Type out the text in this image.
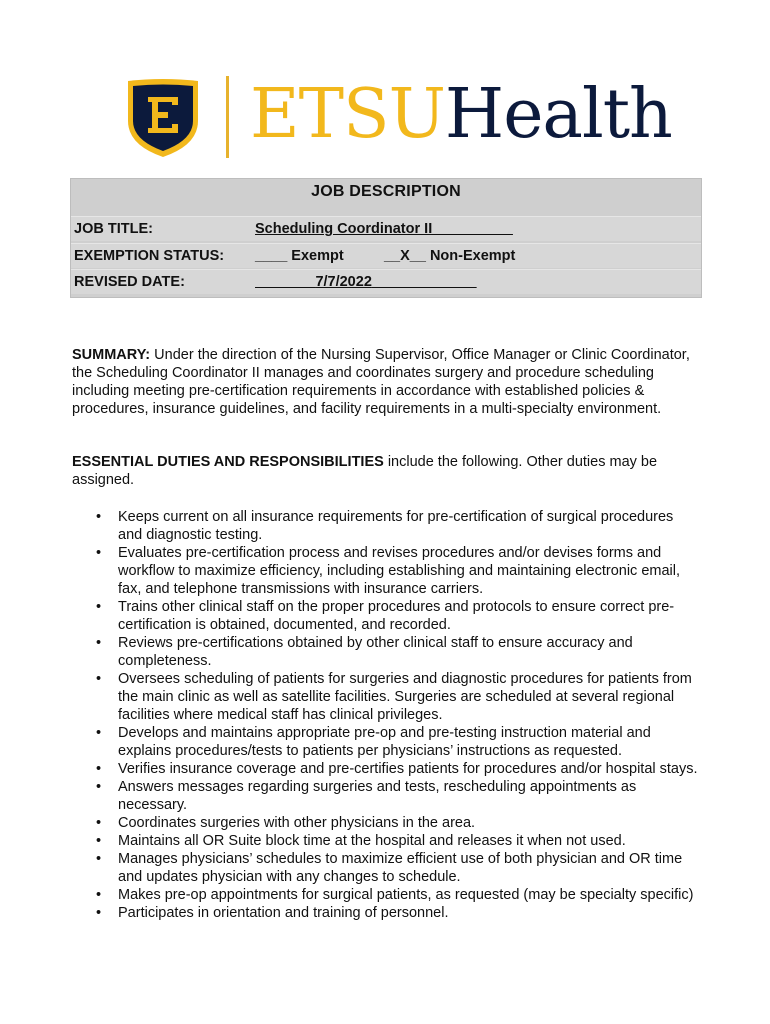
ETSUHealth
JOB DESCRIPTION
JOB TITLE:	Scheduling Coordinator II__________
EXEMPTION STATUS: ____ Exempt	__X__ Non-Exempt
REVISED DATE:	7/7/2022

SUMMARY: Under the direction of the Nursing Supervisor, Office Manager or Clinic Coordinator, the Scheduling Coordinator II manages and coordinates surgery and procedure scheduling including meeting pre-certification requirements in accordance with established policies & procedures, insurance guidelines, and facility requirements in a multi-specialty environment.

ESSENTIAL DUTIES AND RESPONSIBILITIES include the following. Other duties may be assigned.

• Keeps current on all insurance requirements for pre-certification of surgical procedures and diagnostic testing.
• Evaluates pre-certification process and revises procedures and/or devises forms and workflow to maximize efficiency, including establishing and maintaining electronic email, fax, and telephone transmissions with insurance carriers.
• Trains other clinical staff on the proper procedures and protocols to ensure correct pre-certification is obtained, documented, and recorded.
• Reviews pre-certifications obtained by other clinical staff to ensure accuracy and completeness.
• Oversees scheduling of patients for surgeries and diagnostic procedures for patients from the main clinic as well as satellite facilities. Surgeries are scheduled at several regional facilities where medical staff has clinical privileges.
• Develops and maintains appropriate pre-op and pre-testing instruction material and explains procedures/tests to patients per physicians’ instructions as requested.
• Verifies insurance coverage and pre-certifies patients for procedures and/or hospital stays.
• Answers messages regarding surgeries and tests, rescheduling appointments as necessary.
• Coordinates surgeries with other physicians in the area.
• Maintains all OR Suite block time at the hospital and releases it when not used.
• Manages physicians’ schedules to maximize efficient use of both physician and OR time and updates physician with any changes to schedule.
• Makes pre-op appointments for surgical patients, as requested (may be specialty specific)
• Participates in orientation and training of personnel.
